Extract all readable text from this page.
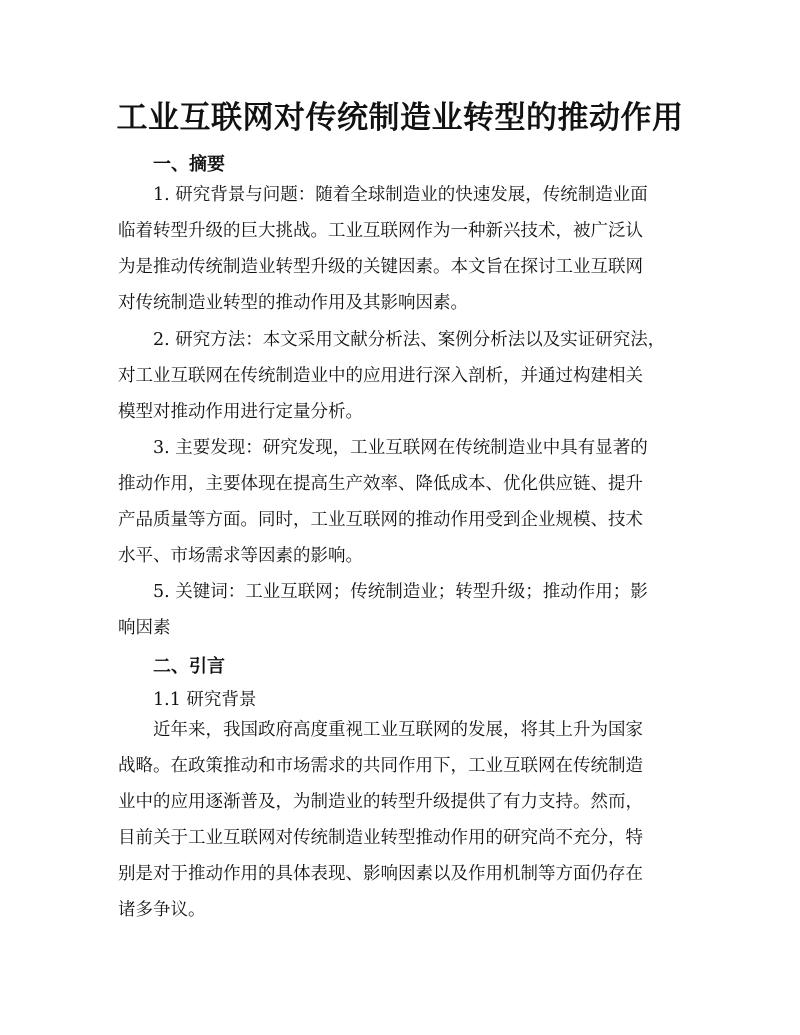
工业互联网对传统制造业转型的推动作用
一、摘要
1. 研究背景与问题：随着全球制造业的快速发展，传统制造业面
临着转型升级的巨大挑战。工业互联网作为一种新兴技术，被广泛认
为是推动传统制造业转型升级的关键因素。本文旨在探讨工业互联网
对传统制造业转型的推动作用及其影响因素。
2. 研究方法：本文采用文献分析法、案例分析法以及实证研究法，
对工业互联网在传统制造业中的应用进行深入剖析，并通过构建相关
模型对推动作用进行定量分析。
3. 主要发现：研究发现，工业互联网在传统制造业中具有显著的
推动作用，主要体现在提高生产效率、降低成本、优化供应链、提升
产品质量等方面。同时，工业互联网的推动作用受到企业规模、技术
水平、市场需求等因素的影响。
5. 关键词：工业互联网；传统制造业；转型升级；推动作用；影
响因素
二、引言
1.1 研究背景
近年来，我国政府高度重视工业互联网的发展，将其上升为国家
战略。在政策推动和市场需求的共同作用下，工业互联网在传统制造
业中的应用逐渐普及，为制造业的转型升级提供了有力支持。然而，
目前关于工业互联网对传统制造业转型推动作用的研究尚不充分，特
别是对于推动作用的具体表现、影响因素以及作用机制等方面仍存在
诸多争议。
